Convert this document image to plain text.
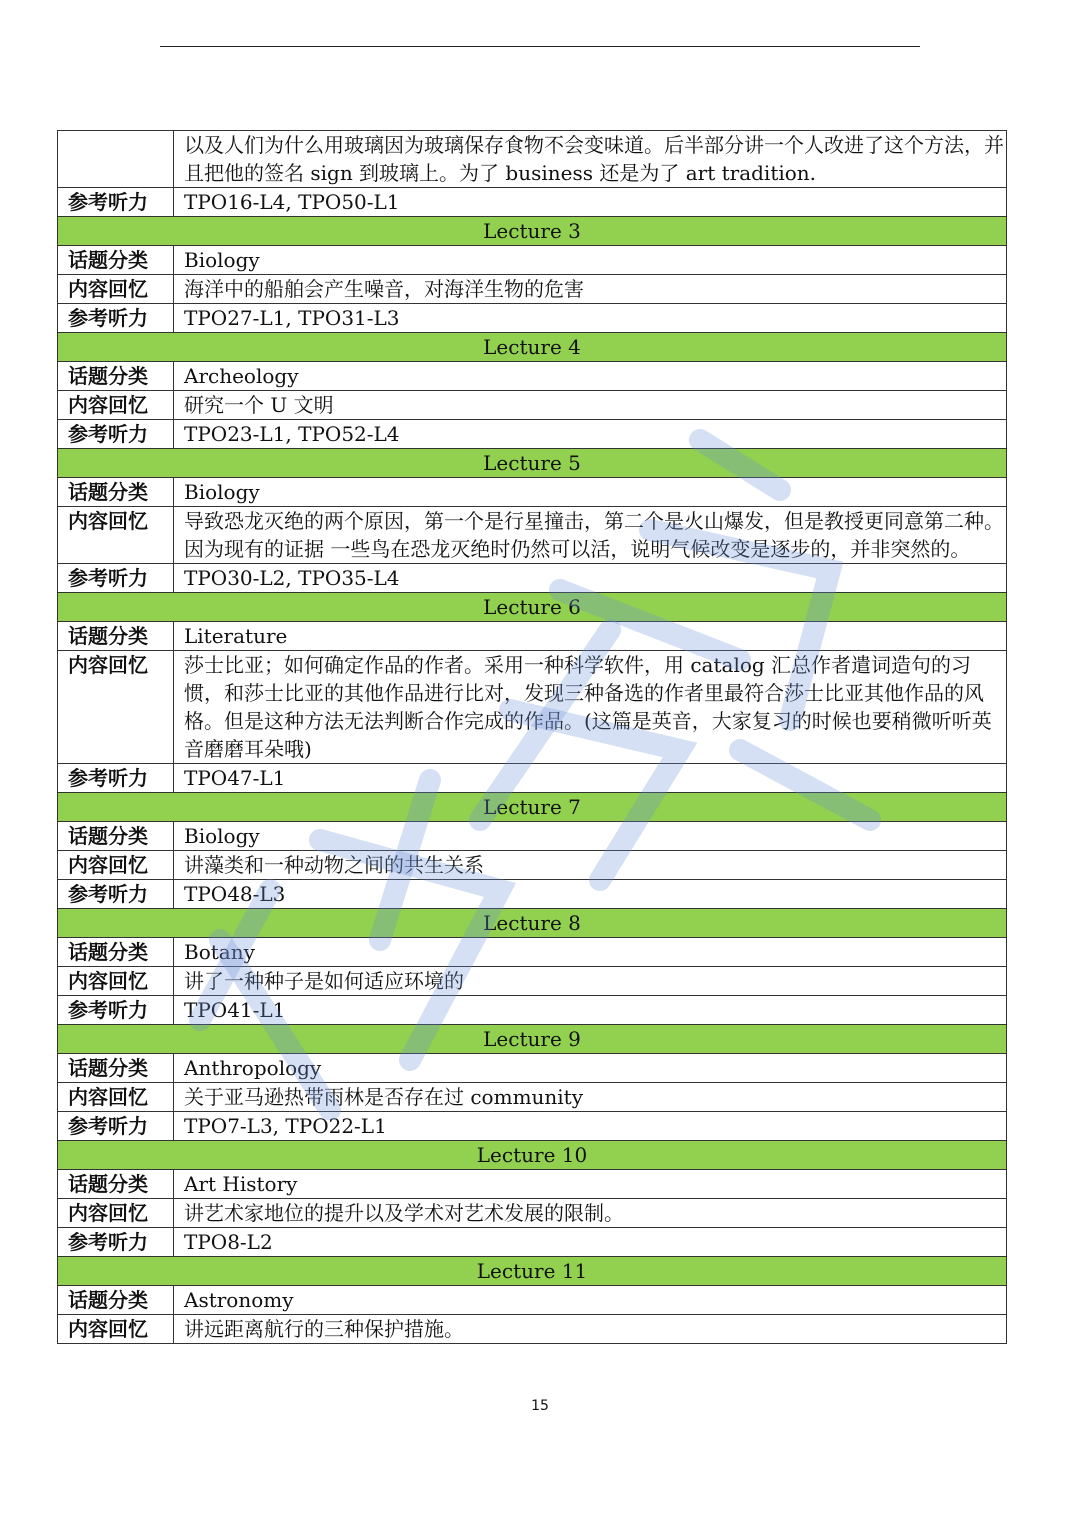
	以及人们为什么用玻璃因为玻璃保存食物不会变味道。后半部分讲一个人改进了这个方法，并且把他的签名 sign 到玻璃上。为了 business 还是为了 art tradition.
参考听力	TPO16-L4, TPO50-L1
Lecture 3	
话题分类	Biology
内容回忆	海洋中的船舶会产生噪音，对海洋生物的危害
参考听力	TPO27-L1, TPO31-L3
Lecture 4	
话题分类	Archeology
内容回忆	研究一个 U 文明
参考听力	TPO23-L1, TPO52-L4
Lecture 5	
话题分类	Biology
内容回忆	导致恐龙灭绝的两个原因，第一个是行星撞击，第二个是火山爆发，但是教授更同意第二种。因为现有的证据 一些鸟在恐龙灭绝时仍然可以活，说明气候改变是逐步的，并非突然的。
参考听力	TPO30-L2, TPO35-L4
Lecture 6	
话题分类	Literature
内容回忆	莎士比亚；如何确定作品的作者。采用一种科学软件，用 catalog 汇总作者遣词造句的习惯，和莎士比亚的其他作品进行比对，发现三种备选的作者里最符合莎士比亚其他作品的风格。但是这种方法无法判断合作完成的作品。(这篇是英音，大家复习的时候也要稍微听听英音磨磨耳朵哦)
参考听力	TPO47-L1
Lecture 7	
话题分类	Biology
内容回忆	讲藻类和一种动物之间的共生关系
参考听力	TPO48-L3
Lecture 8	
话题分类	Botany
内容回忆	讲了一种种子是如何适应环境的
参考听力	TPO41-L1
Lecture 9	
话题分类	Anthropology
内容回忆	关于亚马逊热带雨林是否存在过 community
参考听力	TPO7-L3, TPO22-L1
Lecture 10	
话题分类	Art History
内容回忆	讲艺术家地位的提升以及学术对艺术发展的限制。
参考听力	TPO8-L2
Lecture 11	
话题分类	Astronomy
内容回忆	讲远距离航行的三种保护措施。
15
